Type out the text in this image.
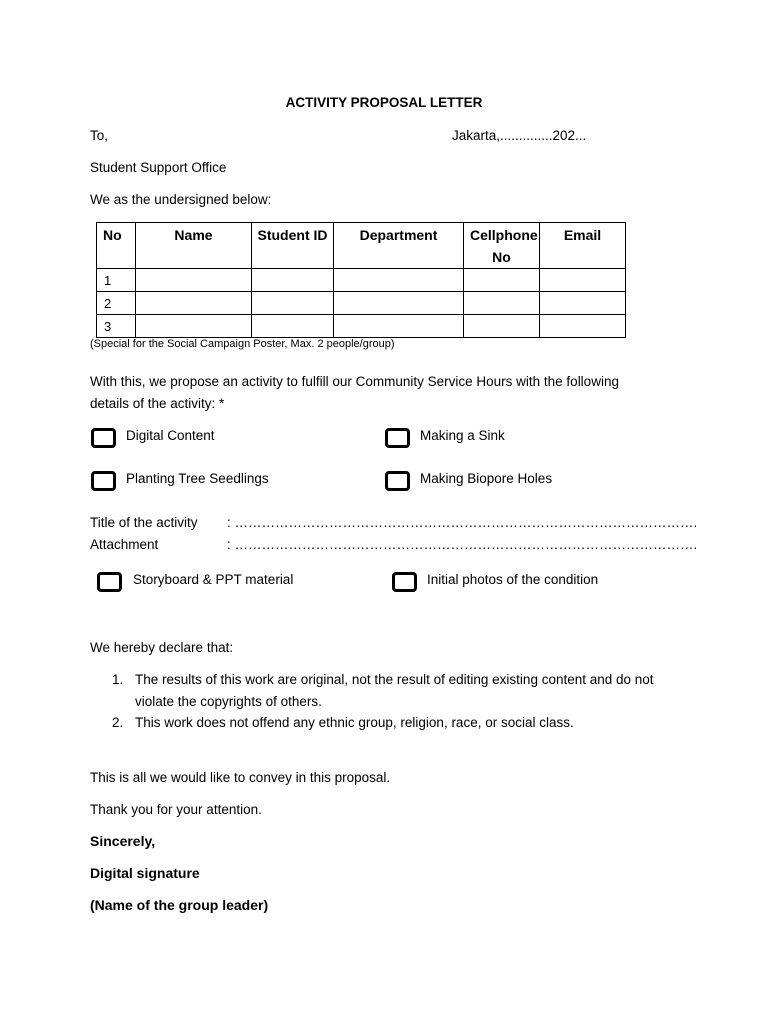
ACTIVITY PROPOSAL LETTER
To,	Jakarta,..............202...
Student Support Office
We as the undersigned below:
No	Name	Student ID	Department	Cellphone No	Email
1					
2					
3					
(Special for the Social Campaign Poster, Max. 2 people/group)
With this, we propose an activity to fulfill our Community Service Hours with the following
details of the activity: *
Digital Content	Making a Sink
Planting Tree Seedlings	Making Biopore Holes
Title of the activity : ………………………………………………………………………………………….
Attachment	: ………………………………………………………………………………………….
Storyboard & PPT material	Initial photos of the condition
We hereby declare that:
1. The results of this work are original, not the result of editing existing content and do not
violate the copyrights of others.
2. This work does not offend any ethnic group, religion, race, or social class.
This is all we would like to convey in this proposal.
Thank you for your attention.
Sincerely,
Digital signature
(Name of the group leader)
